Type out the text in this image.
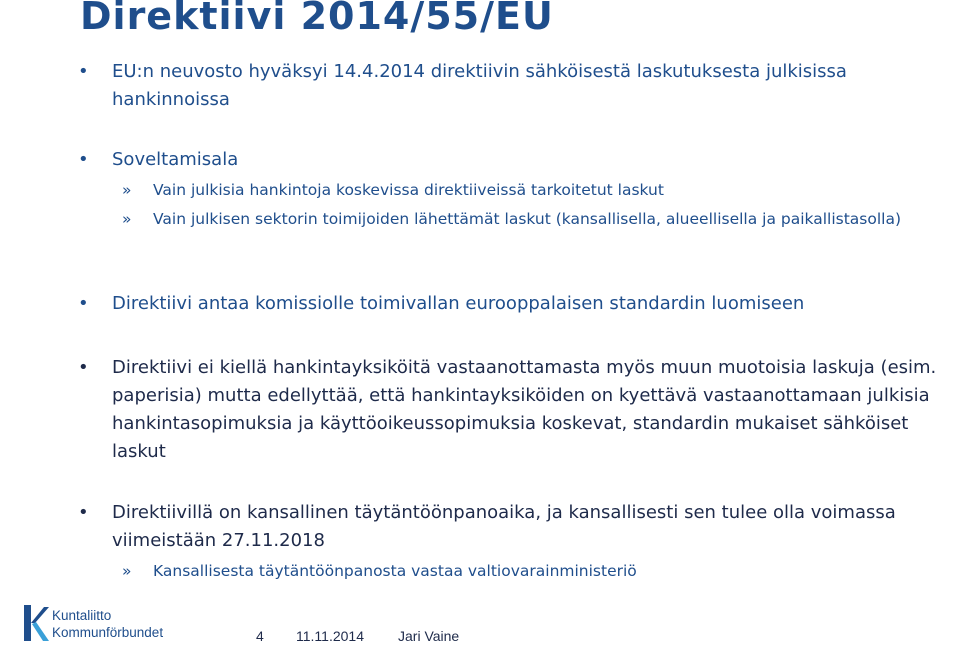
Direktiivi 2014/55/EU
• EU:n neuvosto hyväksyi 14.4.2014 direktiivin sähköisestä laskutuksesta julkisissa hankinnoissa
• Soveltamisala
» Vain julkisia hankintoja koskevissa direktiiveissä tarkoitetut laskut
» Vain julkisen sektorin toimijoiden lähettämät laskut (kansallisella, alueellisella ja paikallistasolla)
• Direktiivi antaa komissiolle toimivallan eurooppalaisen standardin luomiseen
• Direktiivi ei kiellä hankintayksiköitä vastaanottamasta myös muun muotoisia laskuja (esim. paperisia) mutta edellyttää, että hankintayksiköiden on kyettävä vastaanottamaan julkisia hankintasopimuksia ja käyttöoikeussopimuksia koskevat, standardin mukaiset sähköiset laskut
• Direktiivillä on kansallinen täytäntöönpanoaika, ja kansallisesti sen tulee olla voimassa viimeistään 27.11.2018
» Kansallisesta täytäntöönpanosta vastaa valtiovarainministeriö
Kuntaliitto
Kommunförbundet	4 11.11.2014 Jari Vaine
